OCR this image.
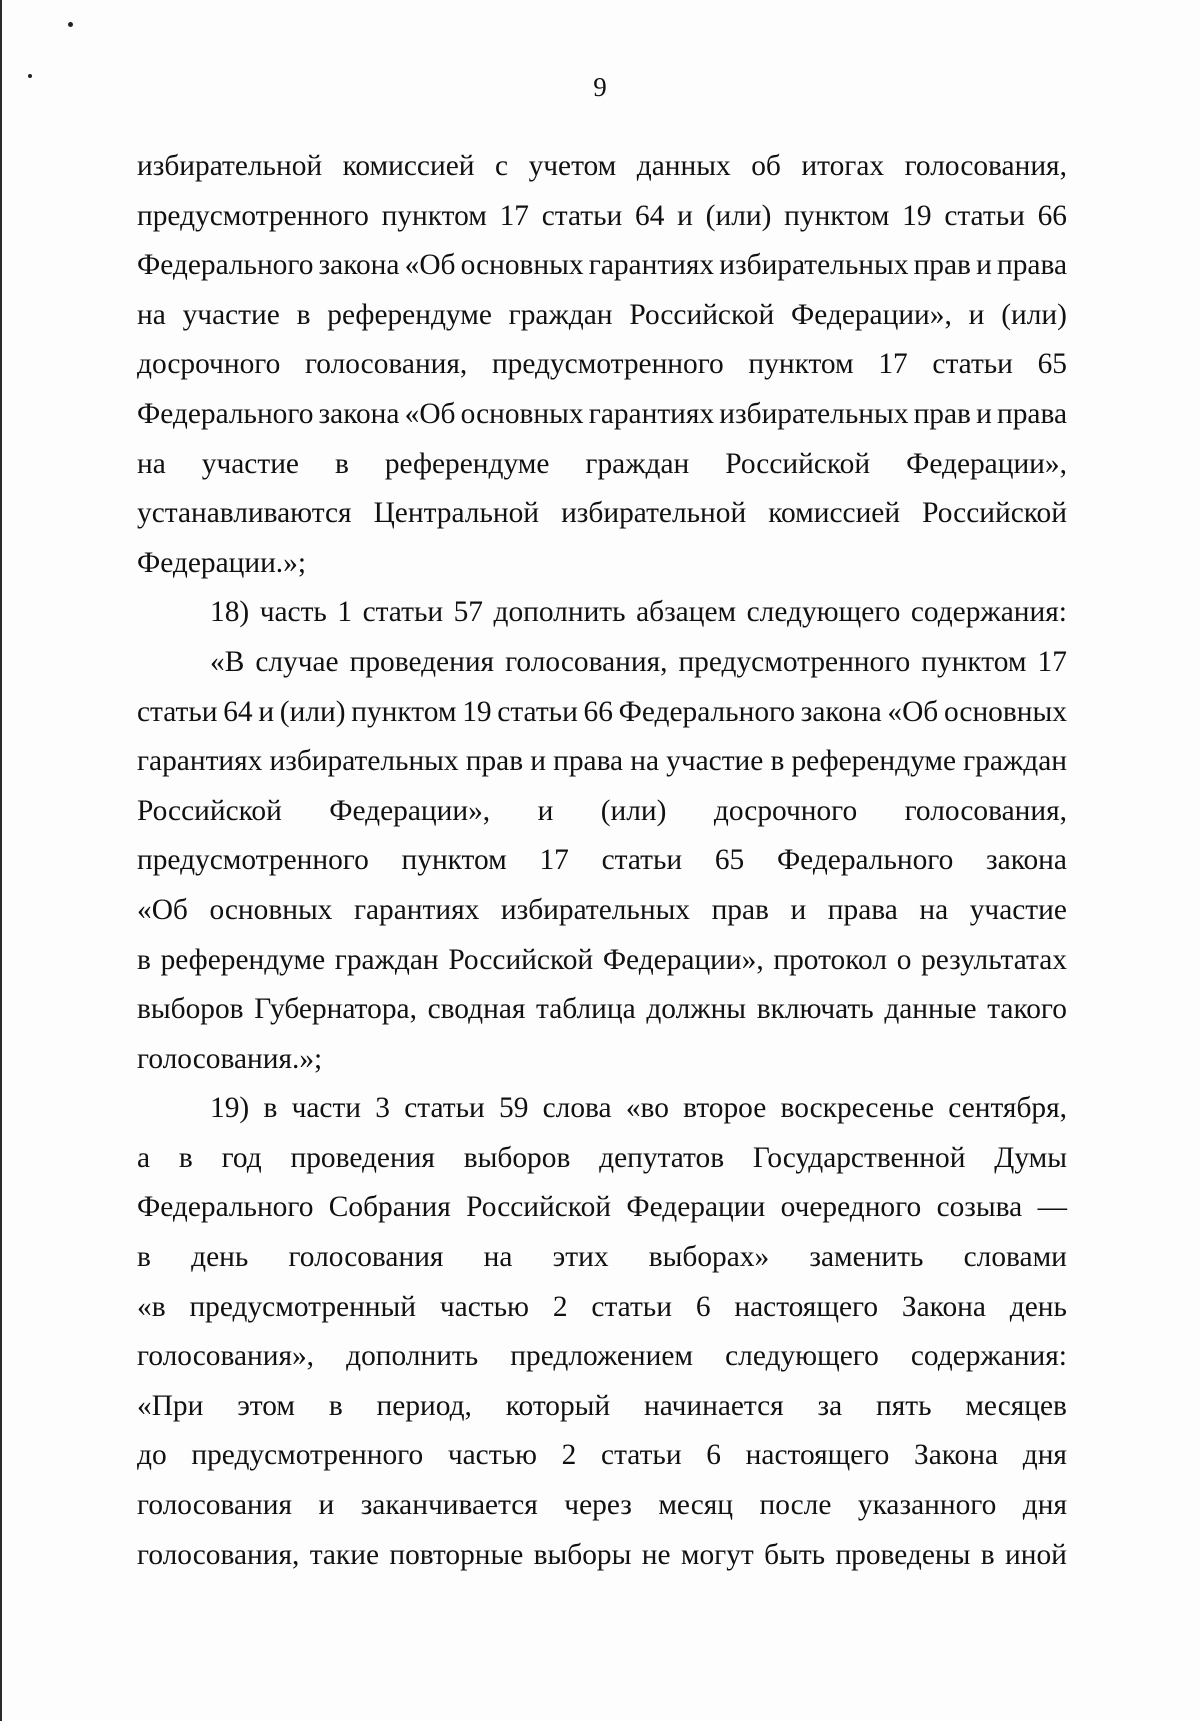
9
избирательной комиссией с учетом данных об итогах голосования,
предусмотренного пунктом 17 статьи 64 и (или) пунктом 19 статьи 66
Федерального закона «Об основных гарантиях избирательных прав и права
на участие в референдуме граждан Российской Федерации», и (или)
досрочного голосования, предусмотренного пунктом 17 статьи 65
Федерального закона «Об основных гарантиях избирательных прав и права
на участие в референдуме граждан Российской Федерации»,
устанавливаются Центральной избирательной комиссией Российской
Федерации.»;
18) часть 1 статьи 57 дополнить абзацем следующего содержания:
«В случае проведения голосования, предусмотренного пунктом 17
статьи 64 и (или) пунктом 19 статьи 66 Федерального закона «Об основных
гарантиях избирательных прав и права на участие в референдуме граждан
Российской Федерации», и (или) досрочного голосования,
предусмотренного пунктом 17 статьи 65 Федерального закона
«Об основных гарантиях избирательных прав и права на участие
в референдуме граждан Российской Федерации», протокол о результатах
выборов Губернатора, сводная таблица должны включать данные такого
голосования.»;
19) в части 3 статьи 59 слова «во второе воскресенье сентября,
а в год проведения выборов депутатов Государственной Думы
Федерального Собрания Российской Федерации очередного созыва —
в день голосования на этих выборах» заменить словами
«в предусмотренный частью 2 статьи 6 настоящего Закона день
голосования», дополнить предложением следующего содержания:
«При этом в период, который начинается за пять месяцев
до предусмотренного частью 2 статьи 6 настоящего Закона дня
голосования и заканчивается через месяц после указанного дня
голосования, такие повторные выборы не могут быть проведены в иной
